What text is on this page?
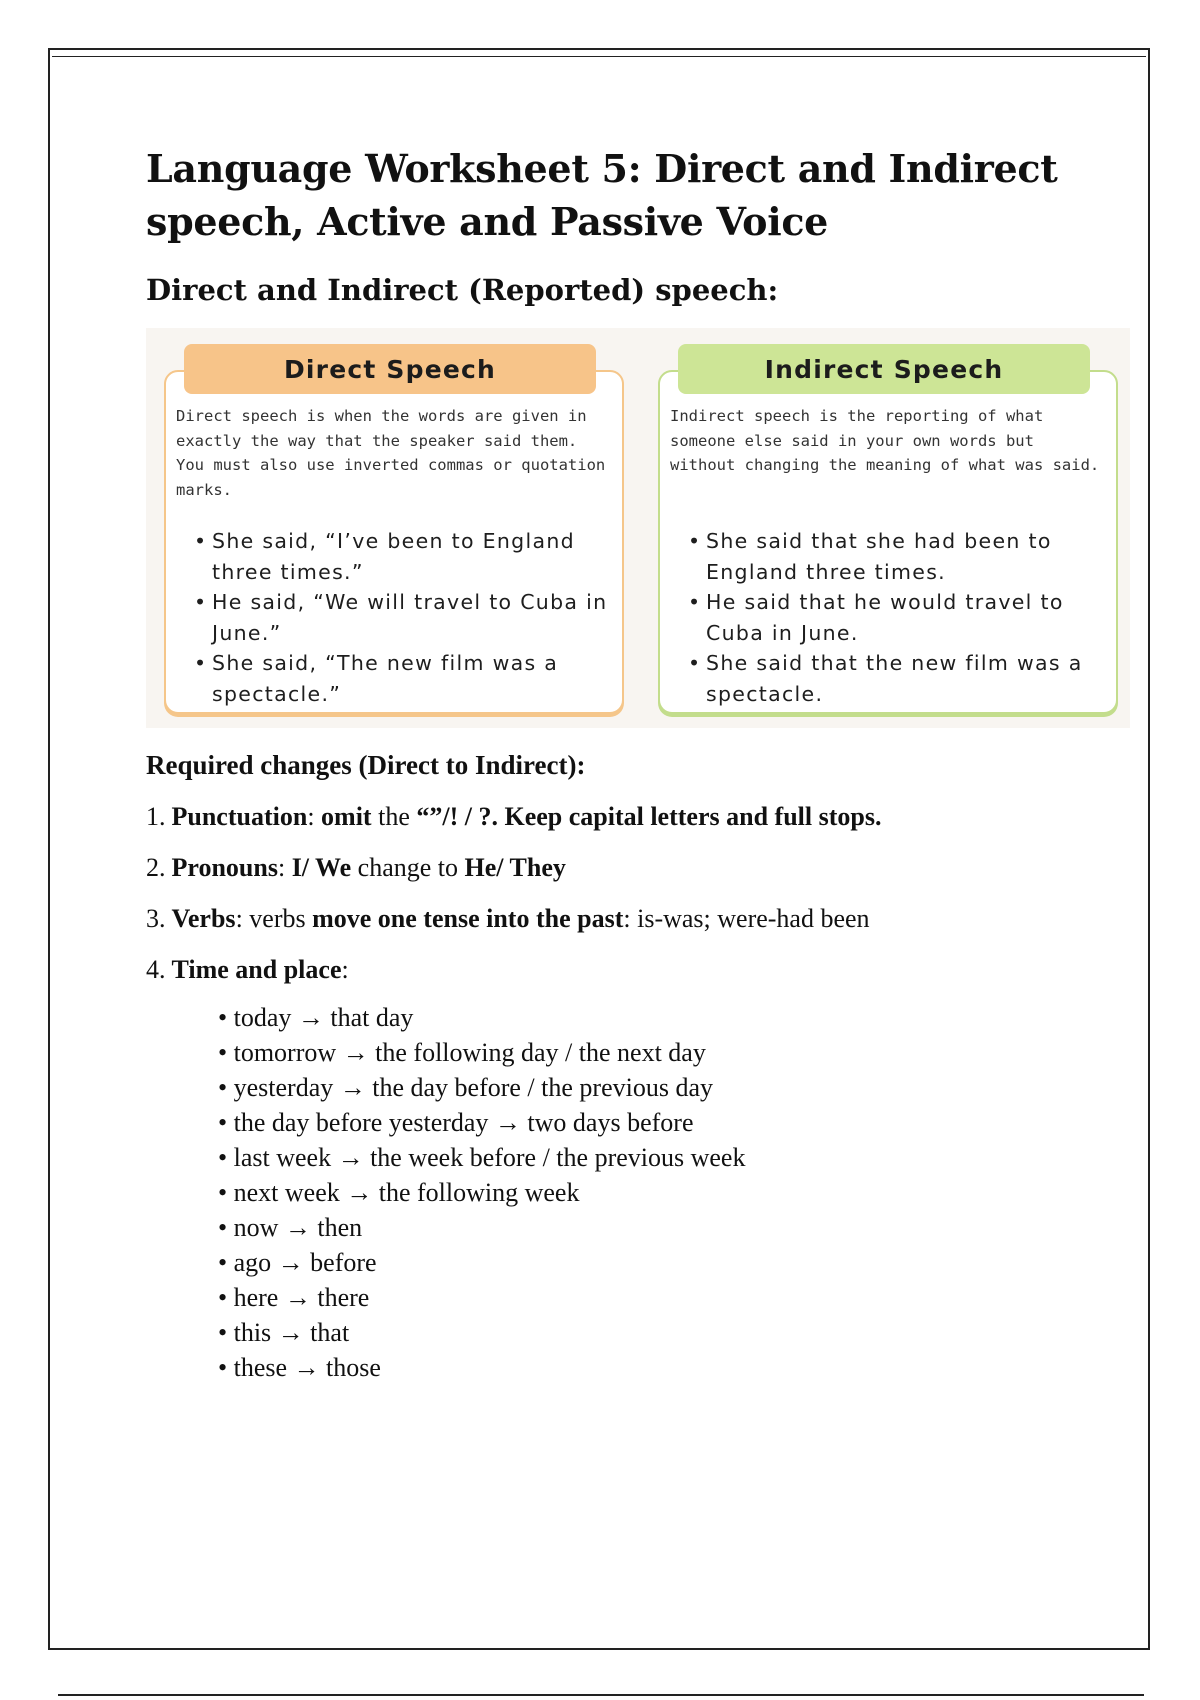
Language Worksheet 5: Direct and Indirect speech, Active and Passive Voice
Direct and Indirect (Reported) speech:
Direct Speech
Direct speech is when the words are given in exactly the way that the speaker said them. You must also use inverted commas or quotation marks.
• She said, “I’ve been to England three times.”
• He said, “We will travel to Cuba in June.”
• She said, “The new film was a spectacle.”
Indirect Speech
Indirect speech is the reporting of what someone else said in your own words but without changing the meaning of what was said.
• She said that she had been to England three times.
• He said that he would travel to Cuba in June.
• She said that the new film was a spectacle.
Required changes (Direct to Indirect):
1. Punctuation: omit the “”/! / ?. Keep capital letters and full stops.
2. Pronouns: I/ We change to He/ They
3. Verbs: verbs move one tense into the past: is-was; were-had been
4. Time and place:
• today → that day
• tomorrow → the following day / the next day
• yesterday → the day before / the previous day
• the day before yesterday → two days before
• last week → the week before / the previous week
• next week → the following week
• now → then
• ago → before
• here → there
• this → that
• these → those
